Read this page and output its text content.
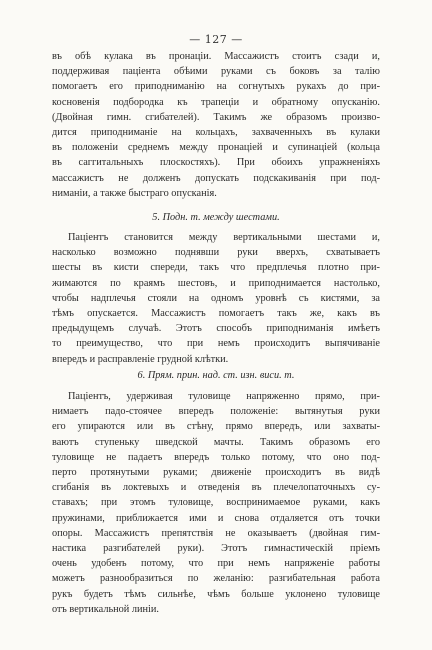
— 127 —
въ обѣ кулака въ пронаціи. Массажистъ стоитъ сзади и,
поддерживая паціента обѣими руками съ боковъ за талію
помогаетъ его приподниманію на согнутыхъ рукахъ до при-
косновенія подбородка къ трапеціи и обратному опусканію.
(Двойная гимн. сгибателей). Такимъ же образомъ произво-
дится приподниманіе на кольцахъ, захваченныхъ въ кулаки
въ положеніи среднемъ между пронаціей и супинаціей (кольца
въ саггитальныхъ плоскостяхъ). При обоихъ упражненіяхъ
массажистъ не долженъ допускать подскакиванія при под-
ниманіи, а также быстраго опусканія.
5. Подн. т. между шестами.
Паціентъ становится между вертикальными шестами и,
насколько возможно поднявши руки вверхъ, схватываетъ
шесты въ кисти спереди, такъ что предплечья плотно при-
жимаются по краямъ шестовъ, и приподнимается настолько,
чтобы надплечья стояли на одномъ уровнѣ съ кистями, за
тѣмъ опускается. Массажистъ помогаетъ такъ же, какъ въ
предыдущемъ случаѣ. Этотъ способъ приподниманія имѣетъ
то преимущество, что при немъ происходитъ выпячиваніе
впередъ и расправленіе грудной клѣтки.
6. Прям. прин. над. ст. изн. виси. т.
Паціентъ, удерживая туловище напряженно прямо, при-
нимаетъ падо-стоячее впередъ положеніе: вытянутыя руки
его упираются или въ стѣну, прямо впередъ, или захваты-
ваютъ ступеньку шведской мачты. Такимъ образомъ его
туловище не падаетъ впередъ только потому, что оно под-
перто протянутыми руками; движеніе происходитъ въ видѣ
сгибанія въ локтевыхъ и отведенія въ плечелопаточныхъ су-
ставахъ; при этомъ туловище, воспринимаемое руками, какъ
пружинами, приближается ими и снова отдаляется отъ точки
опоры. Массажистъ препятствія не оказываетъ (двойная гим-
настика разгибателей руки). Этотъ гимнастическій пріемъ
очень удобенъ потому, что при немъ напряженіе работы
можетъ разнообразиться по желанію: разгибательная работа
рукъ будетъ тѣмъ сильнѣе, чѣмъ больше уклонено туловище
отъ вертикальной линіи.
